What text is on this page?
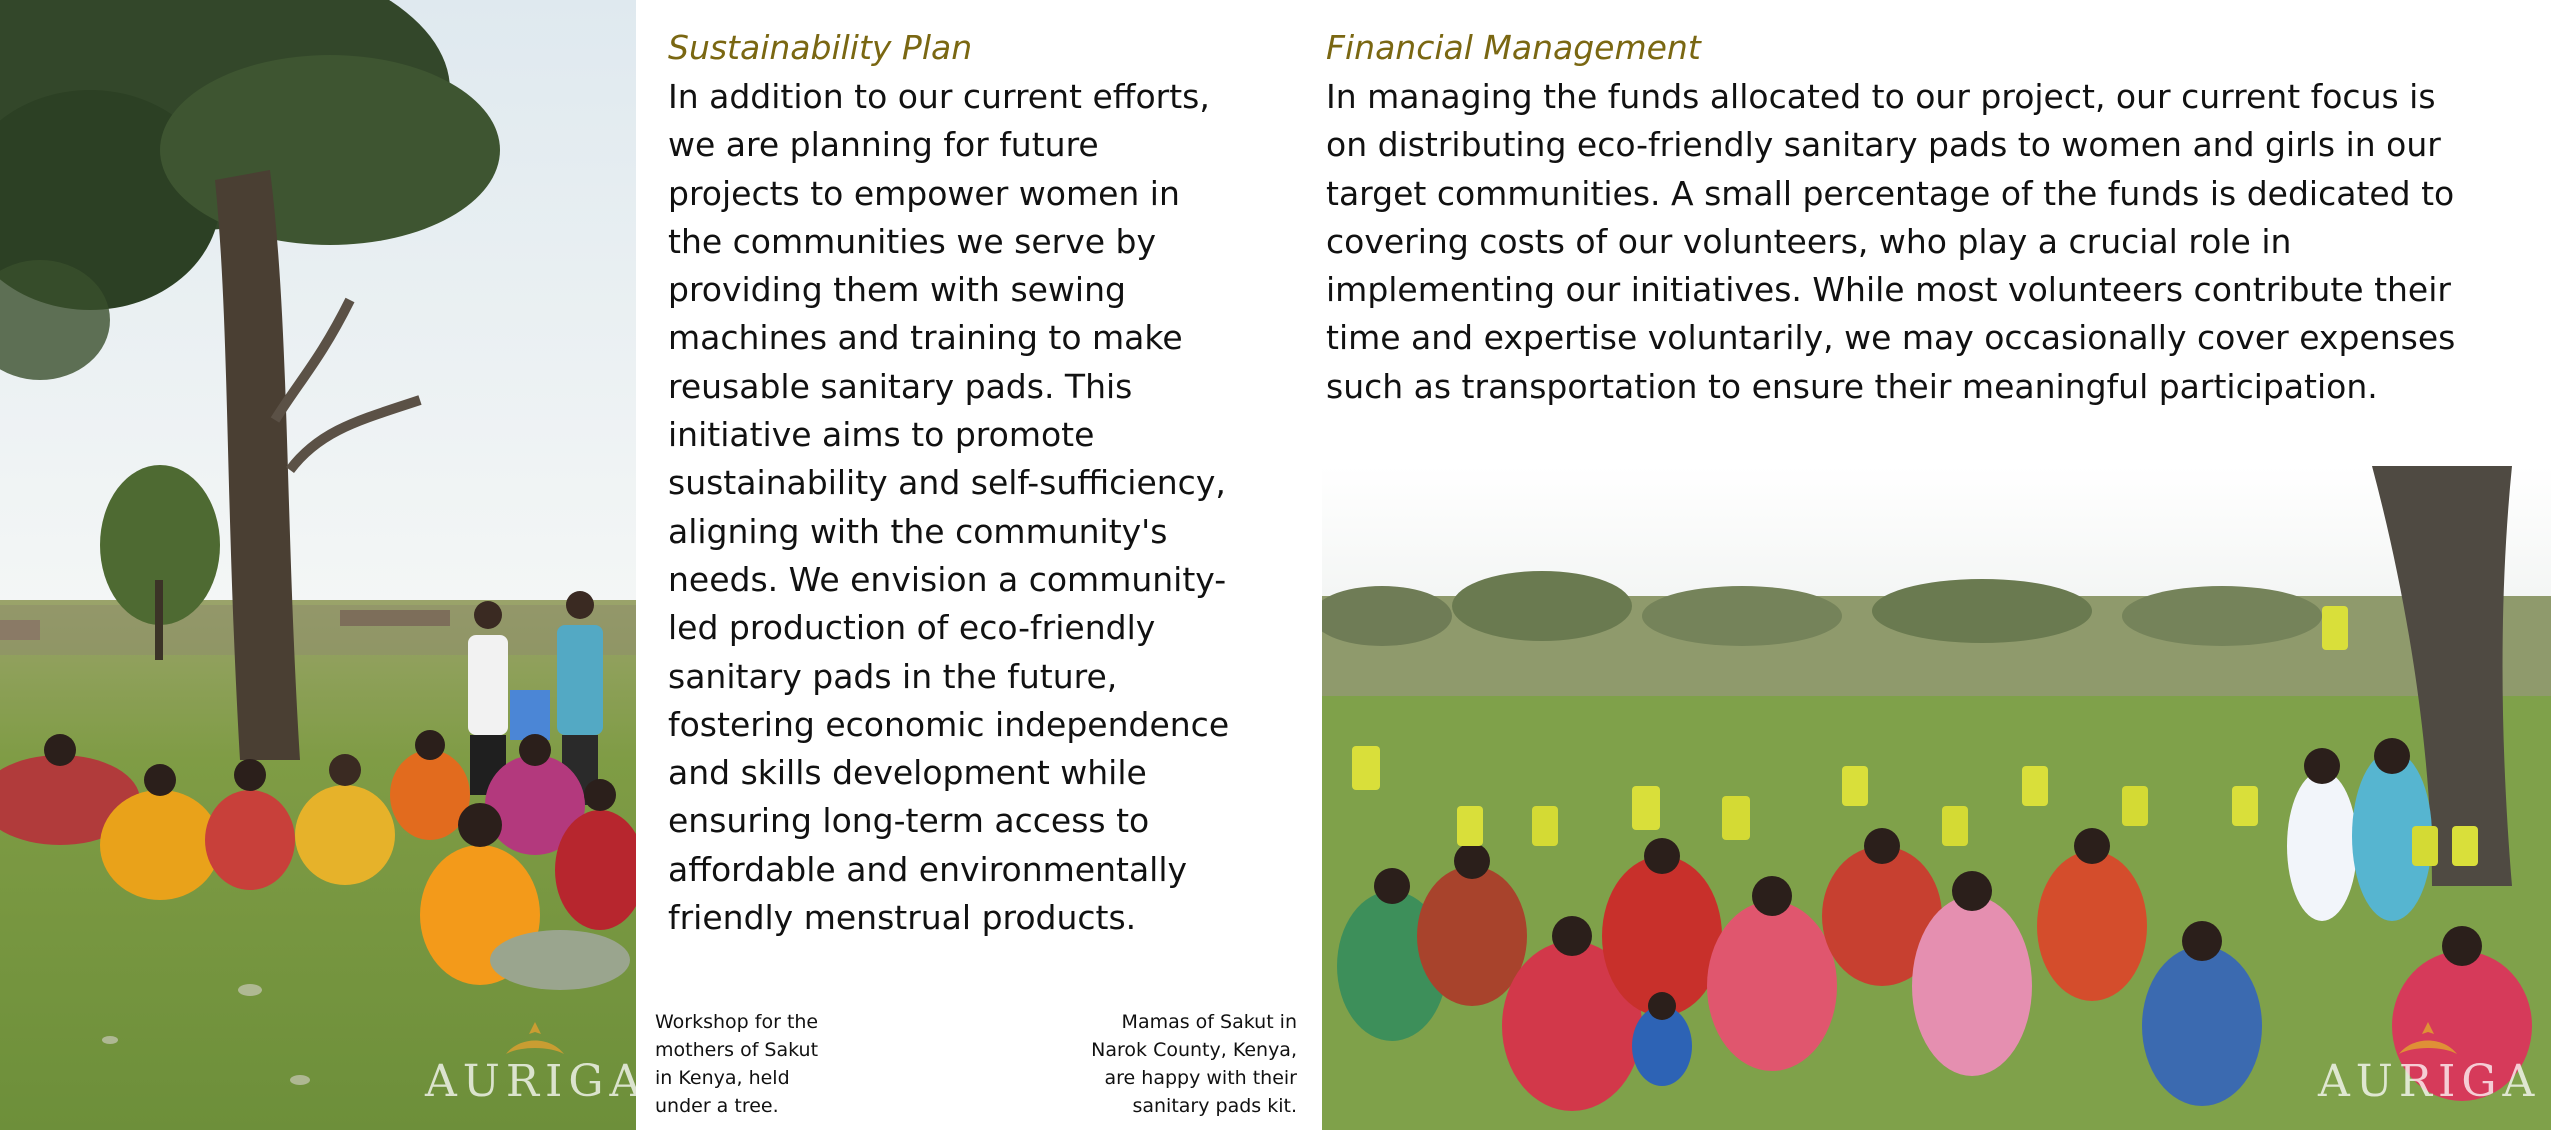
Sustainability Plan

In addition to our current efforts,
we are planning for future
projects to empower women in
the communities we serve by
providing them with sewing
machines and training to make
reusable sanitary pads. This
initiative aims to promote
sustainability and self-sufficiency,
aligning with the community's
needs. We envision a community-
led production of eco-friendly
sanitary pads in the future,
fostering economic independence
and skills development while
ensuring long-term access to
affordable and environmentally
friendly menstrual products.

Financial Management

In managing the funds allocated to our project, our current focus is
on distributing eco-friendly sanitary pads to women and girls in our
target communities. A small percentage of the funds is dedicated to
covering costs of our volunteers, who play a crucial role in
implementing our initiatives. While most volunteers contribute their
time and expertise voluntarily, we may occasionally cover expenses
such as transportation to ensure their meaningful participation.

Workshop for the
mothers of Sakut
in Kenya, held
under a tree.

Mamas of Sakut in
Narok County, Kenya,
are happy with their
sanitary pads kit.

AURIGA	AURIGA
